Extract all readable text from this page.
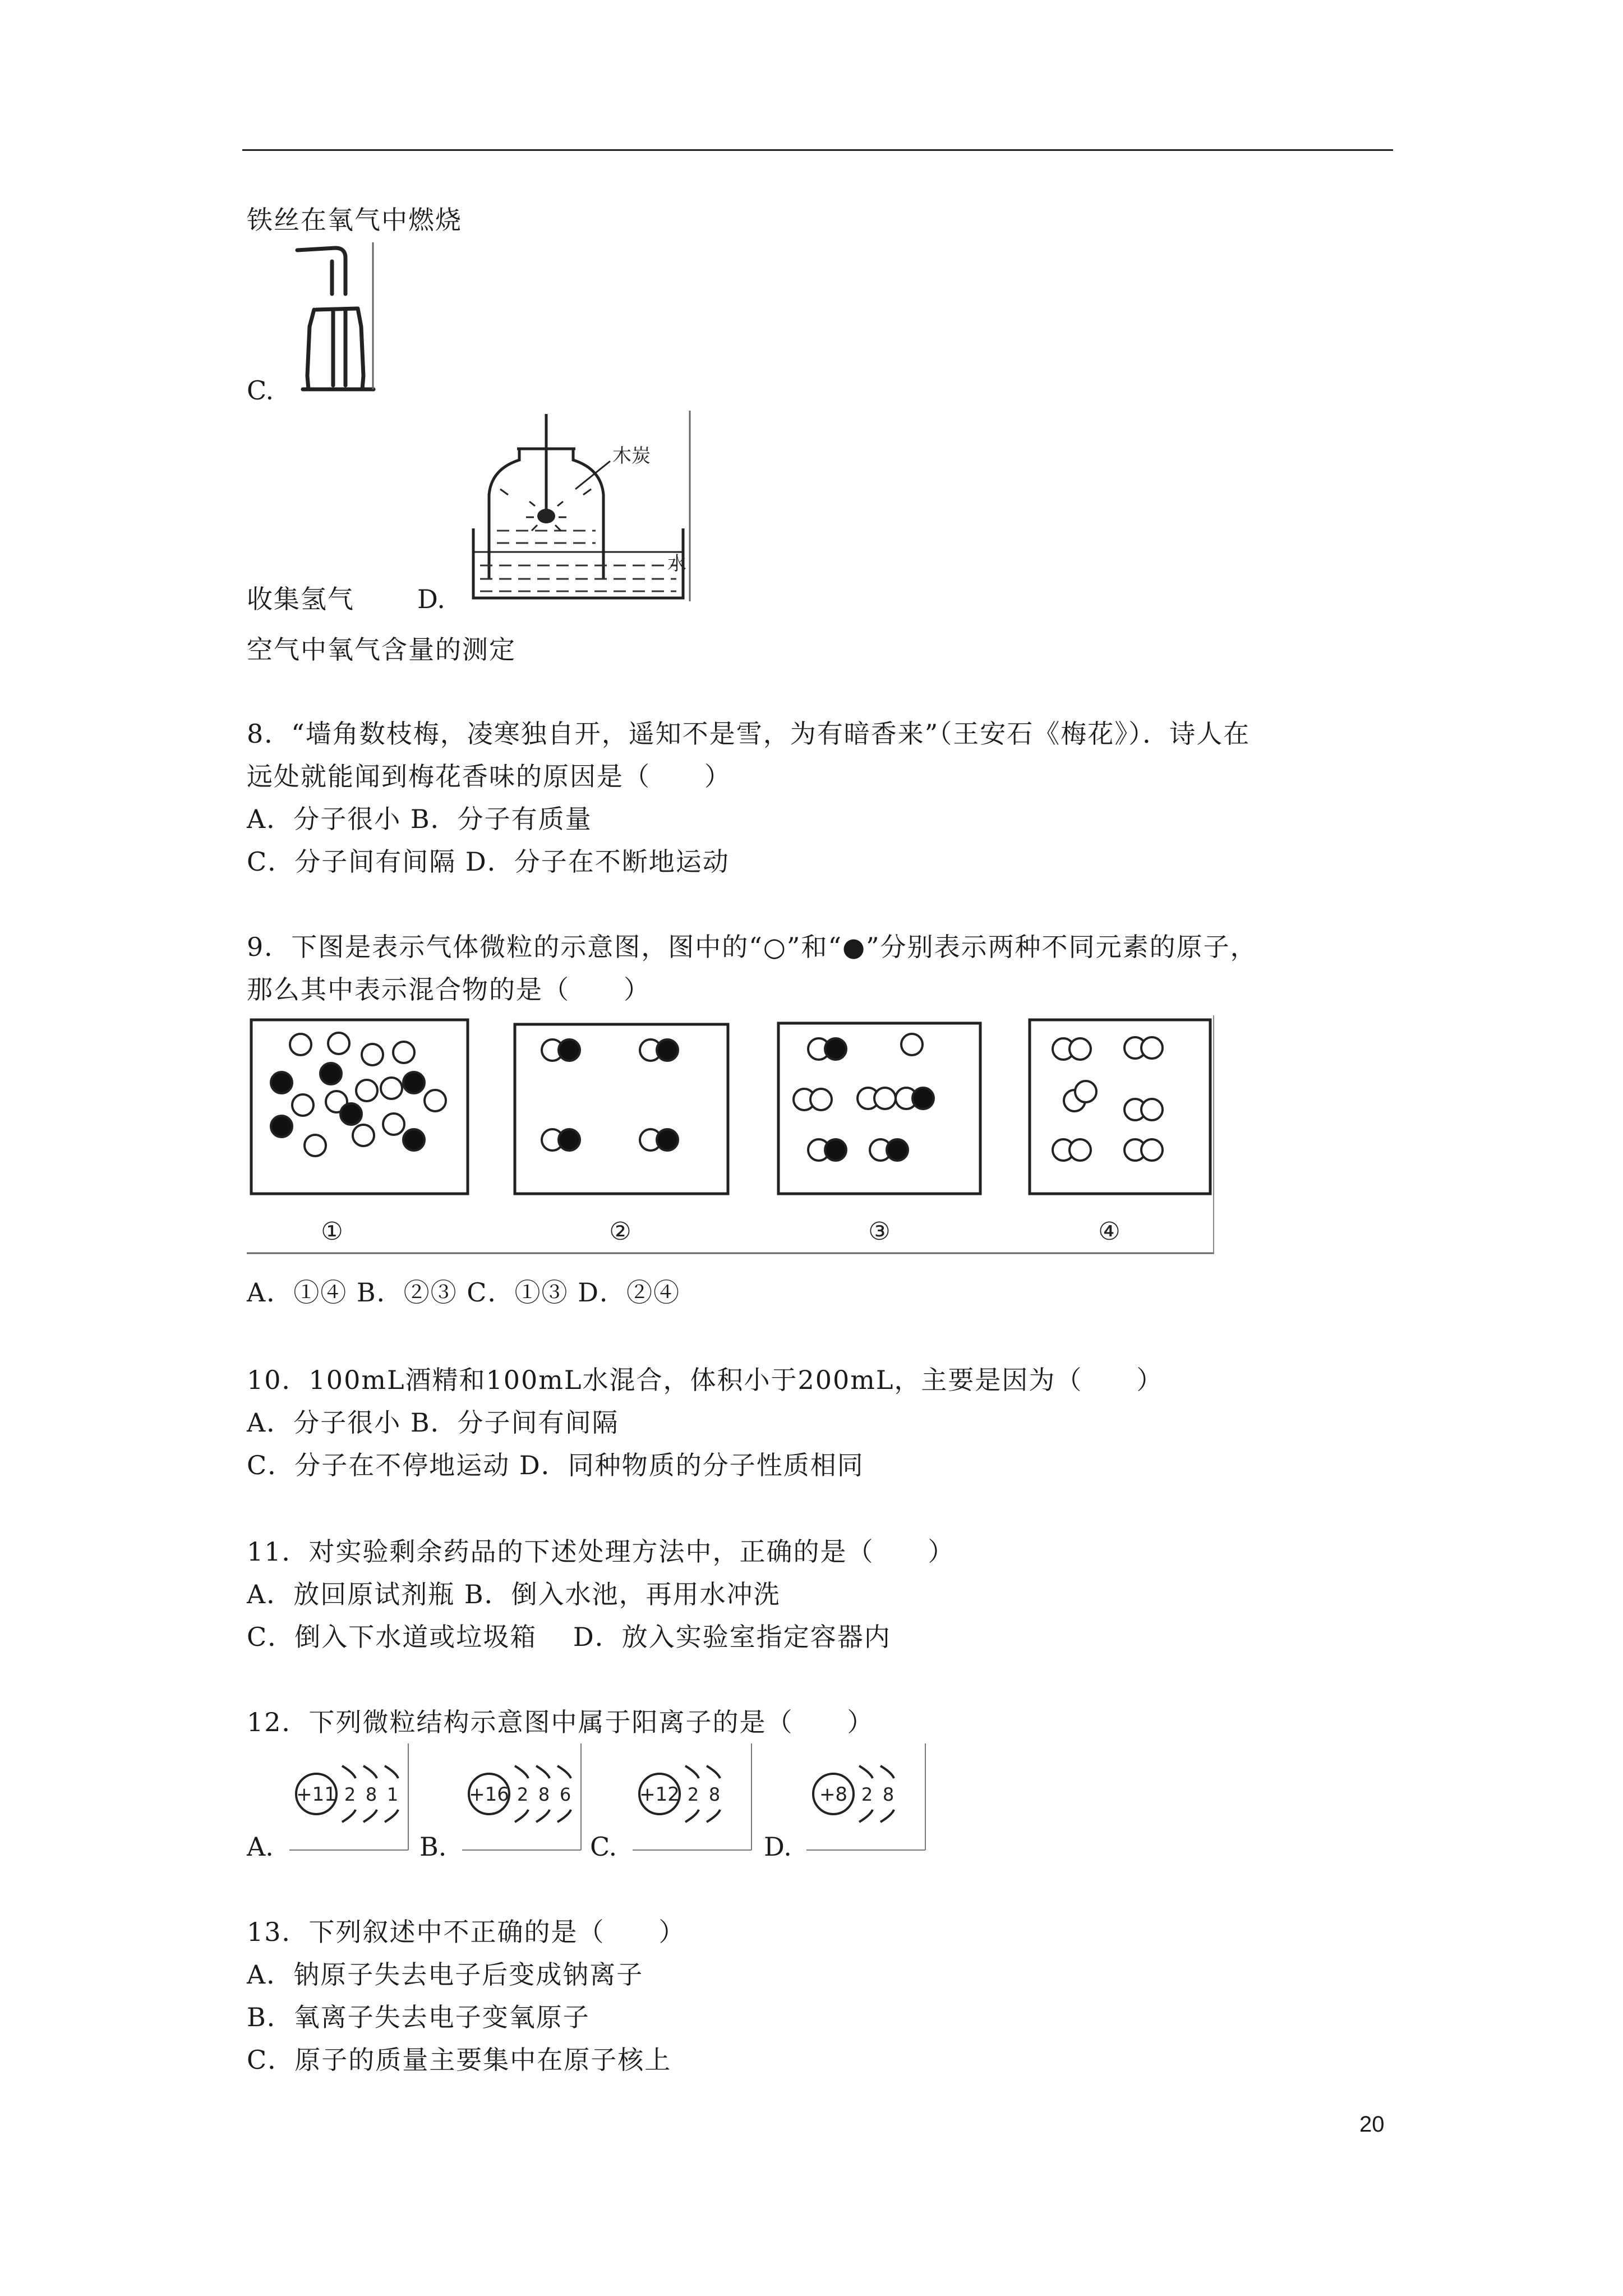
铁丝在氧气中燃烧
C.
收集氢气 D.
木炭
水
空气中氧气含量的测定
8．“墙角数枝梅，凌寒独自开，遥知不是雪，为有暗香来”（王安石《梅花》）．诗人在
远处就能闻到梅花香味的原因是（　　）
A．分子很小 B．分子有质量
C．分子间有间隔 D．分子在不断地运动
9．下图是表示气体微粒的示意图，图中的“○”和“●”分别表示两种不同元素的原子，
那么其中表示混合物的是（　　）
①	②	③	④
A．①④ B．②③ C．①③ D．②④
10．100mL酒精和100mL水混合，体积小于200mL，主要是因为（　　）
A．分子很小 B．分子间有间隔
C．分子在不停地运动 D．同种物质的分子性质相同
11．对实验剩余药品的下述处理方法中，正确的是（　　）
A．放回原试剂瓶 B．倒入水池，再用水冲洗
C．倒入下水道或垃圾箱　 D．放入实验室指定容器内
12．下列微粒结构示意图中属于阳离子的是（　　）
A.	B.	C.	D.
+11 2 8 1	+16 2 8 6	+12 2 8	+8 2 8
13．下列叙述中不正确的是（　　）
A．钠原子失去电子后变成钠离子
B．氧离子失去电子变氧原子
C．原子的质量主要集中在原子核上
20
